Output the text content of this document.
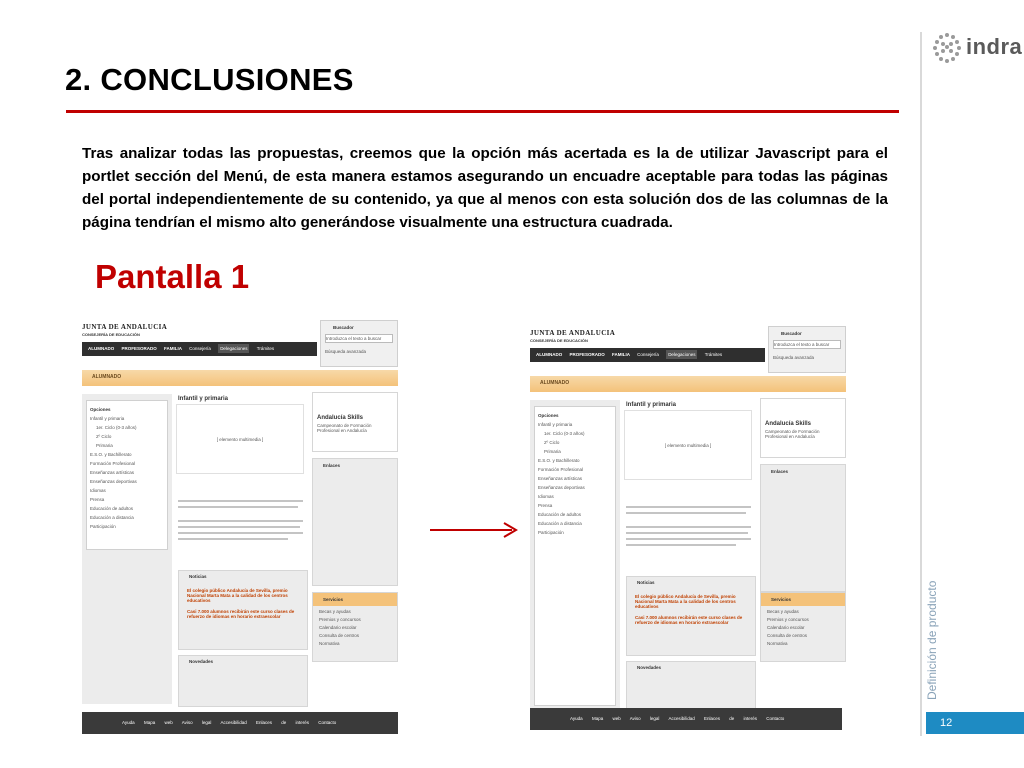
2. CONCLUSIONES
Tras analizar todas las propuestas, creemos que la opción más acertada es la de utilizar Javascript para el portlet sección del Menú, de esta manera estamos asegurando un encuadre aceptable para todas las páginas del portal independientemente de su contenido, ya que al menos con esta solución dos de las columnas de la página tendrían el mismo alto generándose visualmente una estructura cuadrada.
Pantalla 1
indra
Definición de producto
12
JUNTA DE ANDALUCIA
CONSEJERÍA DE EDUCACIÓN
ALUMNADO PROFESORADO FAMILIA Consejería Delegaciones Trámites
Buscador
Introduzca el texto a buscar
Búsqueda avanzada
ALUMNADO
Opciones
Infantil y primaria
1er. Ciclo (0-3 años)
2º Ciclo
Primaria
E.S.O. y Bachillerato
Formación Profesional
Enseñanzas artísticas
Enseñanzas deportivas
Idiomas
Prensa
Educación de adultos
Educación a distancia
Participación
Infantil y primaria
[ elemento multimedia ]
Noticias
El colegio público Andalucía de Sevilla, premio Nacional Marta Mata a la calidad de los centros educativos
Casi 7.000 alumnos recibirán este curso clases de refuerzo de idiomas en horario extraescolar
Novedades
Andalucía Skills
Campeonato de Formación Profesional en Andalucía
Enlaces
Servicios
Becas y ayudas
Premios y concursos
Calendario escolar
Consulta de centros
Normativa
Ayuda Mapa web Aviso legal Accesibilidad Enlaces de interés Contacto
JUNTA DE ANDALUCIA
CONSEJERÍA DE EDUCACIÓN
ALUMNADO PROFESORADO FAMILIA Consejería Delegaciones Trámites
Buscador
Introduzca el texto a buscar
Búsqueda avanzada
ALUMNADO
Opciones
Infantil y primaria
1er. Ciclo (0-3 años)
2º Ciclo
Primaria
E.S.O. y Bachillerato
Formación Profesional
Enseñanzas artísticas
Enseñanzas deportivas
Idiomas
Prensa
Educación de adultos
Educación a distancia
Participación
Infantil y primaria
[ elemento multimedia ]
Noticias
El colegio público Andalucía de Sevilla, premio Nacional Marta Mata a la calidad de los centros educativos
Casi 7.000 alumnos recibirán este curso clases de refuerzo de idiomas en horario extraescolar
Novedades
Andalucía Skills
Campeonato de Formación Profesional en Andalucía
Enlaces
Servicios
Becas y ayudas
Premios y concursos
Calendario escolar
Consulta de centros
Normativa
Ayuda Mapa web Aviso legal Accesibilidad Enlaces de interés Contacto
